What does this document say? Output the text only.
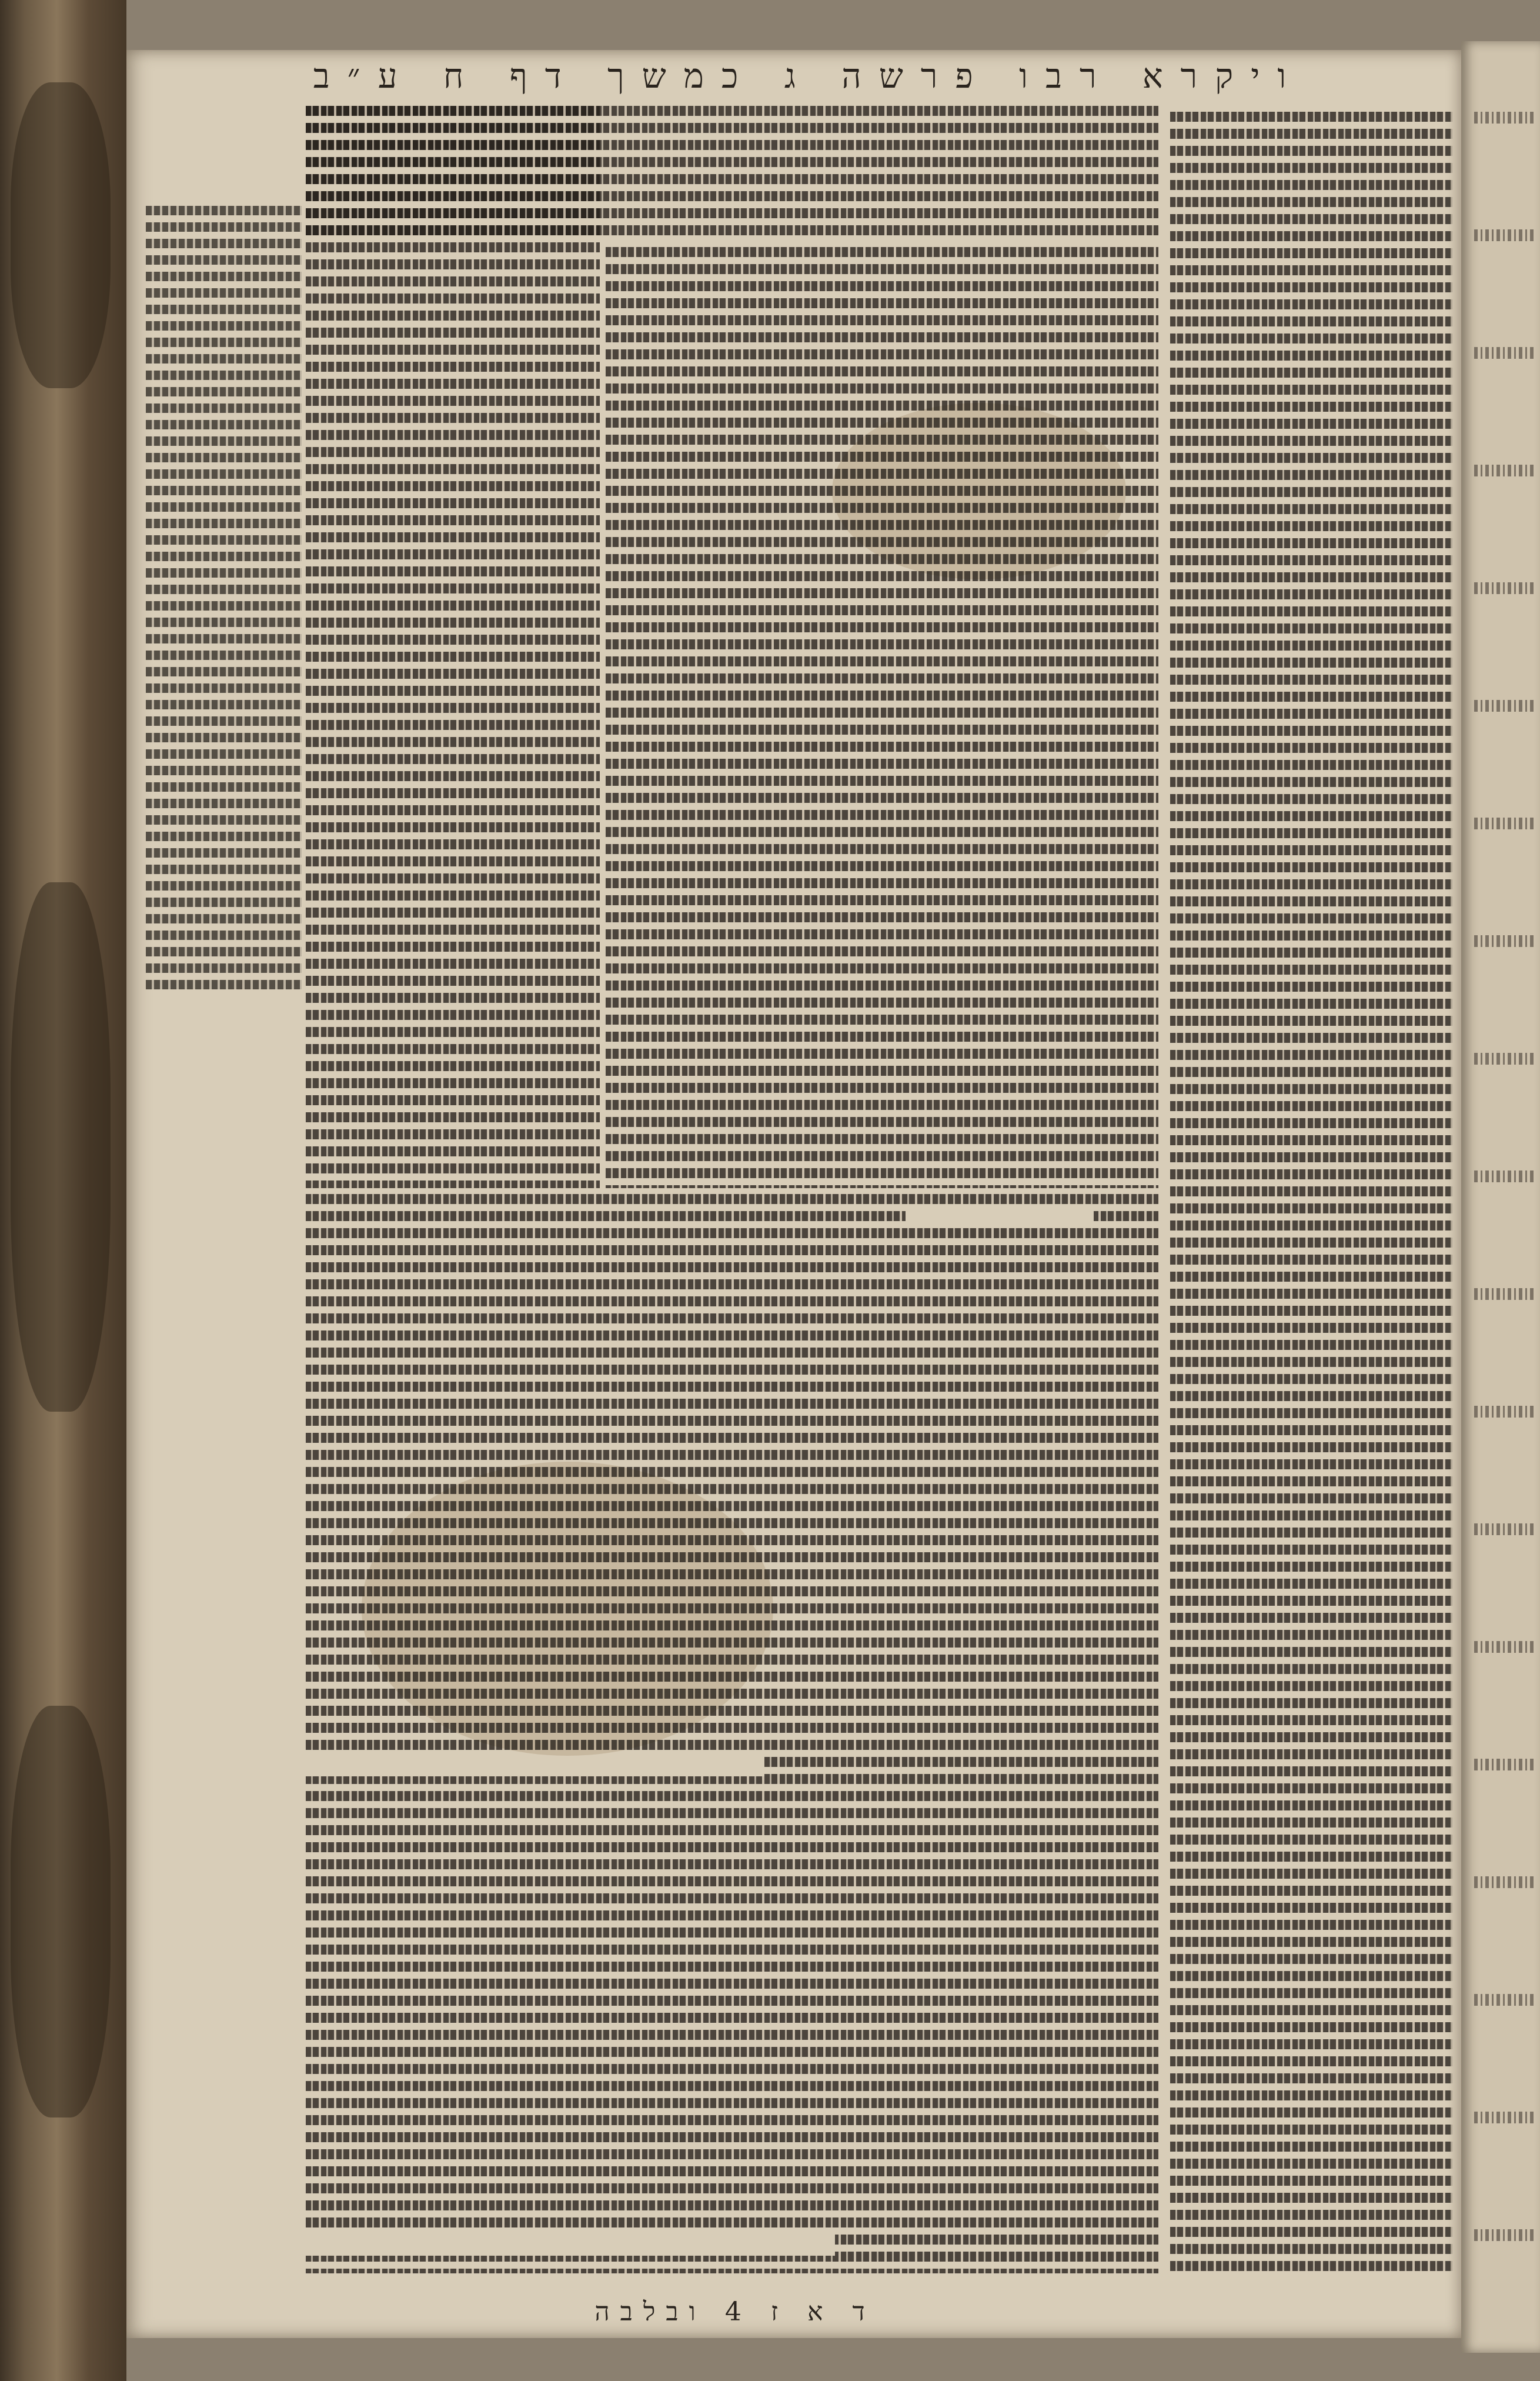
ויקרא רבו פרשה ג כמשך דף ח ע״ב
ד א ז 4 ובלבה
